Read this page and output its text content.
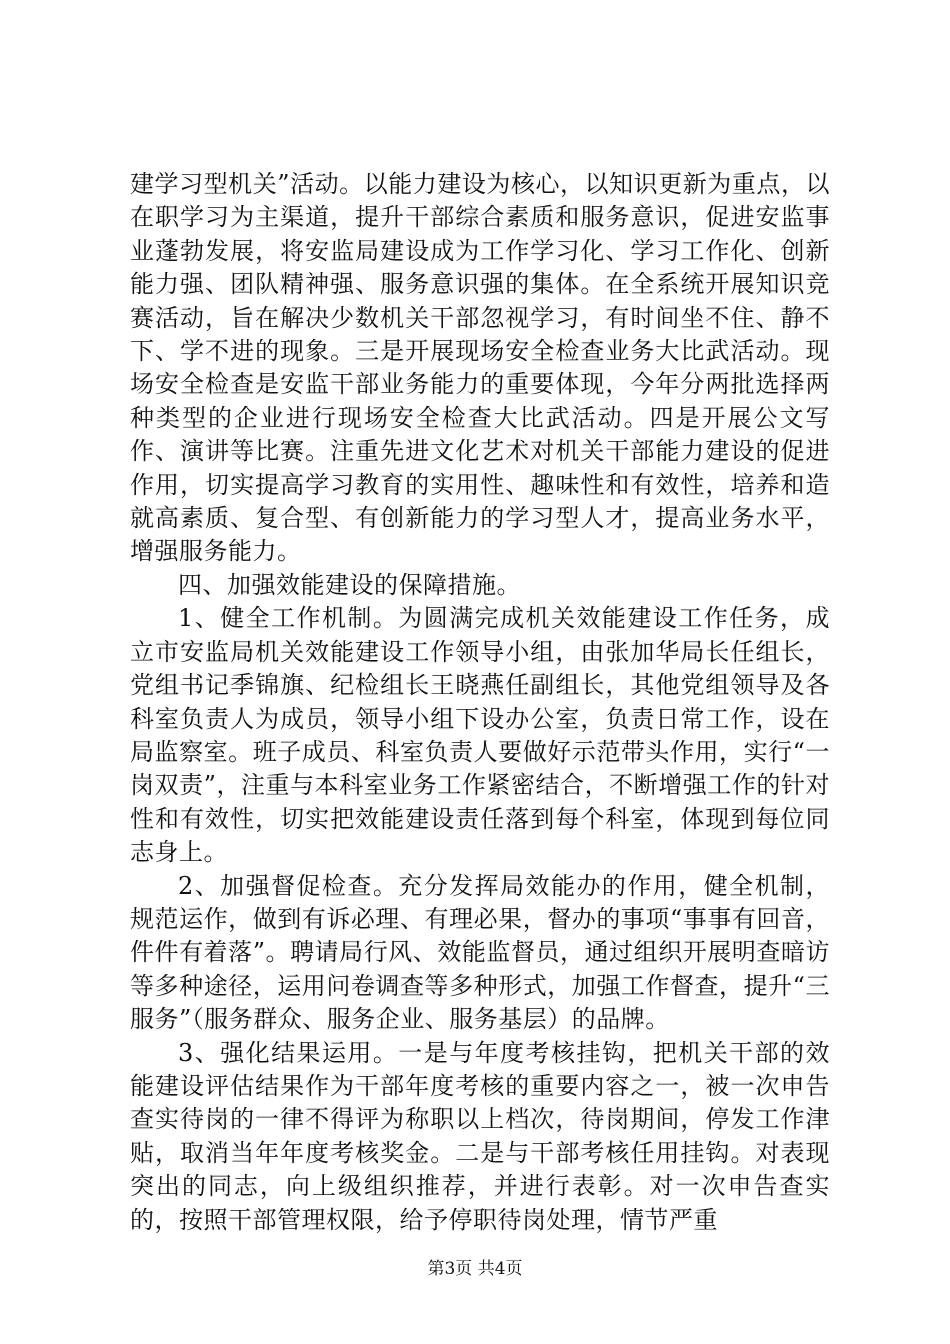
建学习型机关”活动。以能力建设为核心，以知识更新为重点，以在职学习为主渠道，提升干部综合素质和服务意识，促进安监事业蓬勃发展，将安监局建设成为工作学习化、学习工作化、创新能力强、团队精神强、服务意识强的集体。在全系统开展知识竞赛活动，旨在解决少数机关干部忽视学习，有时间坐不住、静不下、学不进的现象。三是开展现场安全检查业务大比武活动。现场安全检查是安监干部业务能力的重要体现，今年分两批选择两种类型的企业进行现场安全检查大比武活动。四是开展公文写作、演讲等比赛。注重先进文化艺术对机关干部能力建设的促进作用，切实提高学习教育的实用性、趣味性和有效性，培养和造就高素质、复合型、有创新能力的学习型人才，提高业务水平，增强服务能力。

四、加强效能建设的保障措施。

1、健全工作机制。为圆满完成机关效能建设工作任务，成立市安监局机关效能建设工作领导小组，由张加华局长任组长，党组书记季锦旗、纪检组长王晓燕任副组长，其他党组领导及各科室负责人为成员，领导小组下设办公室，负责日常工作，设在局监察室。班子成员、科室负责人要做好示范带头作用，实行“一岗双责”，注重与本科室业务工作紧密结合，不断增强工作的针对性和有效性，切实把效能建设责任落到每个科室，体现到每位同志身上。

2、加强督促检查。充分发挥局效能办的作用，健全机制，规范运作，做到有诉必理、有理必果，督办的事项“事事有回音，件件有着落”。聘请局行风、效能监督员，通过组织开展明查暗访等多种途径，运用问卷调查等多种形式，加强工作督查，提升“三服务”（服务群众、服务企业、服务基层）的品牌。

3、强化结果运用。一是与年度考核挂钩，把机关干部的效能建设评估结果作为干部年度考核的重要内容之一，被一次申告查实待岗的一律不得评为称职以上档次，待岗期间，停发工作津贴，取消当年年度考核奖金。二是与干部考核任用挂钩。对表现突出的同志，向上级组织推荐，并进行表彰。对一次申告查实的，按照干部管理权限，给予停职待岗处理，情节严重

第3页 共4页
